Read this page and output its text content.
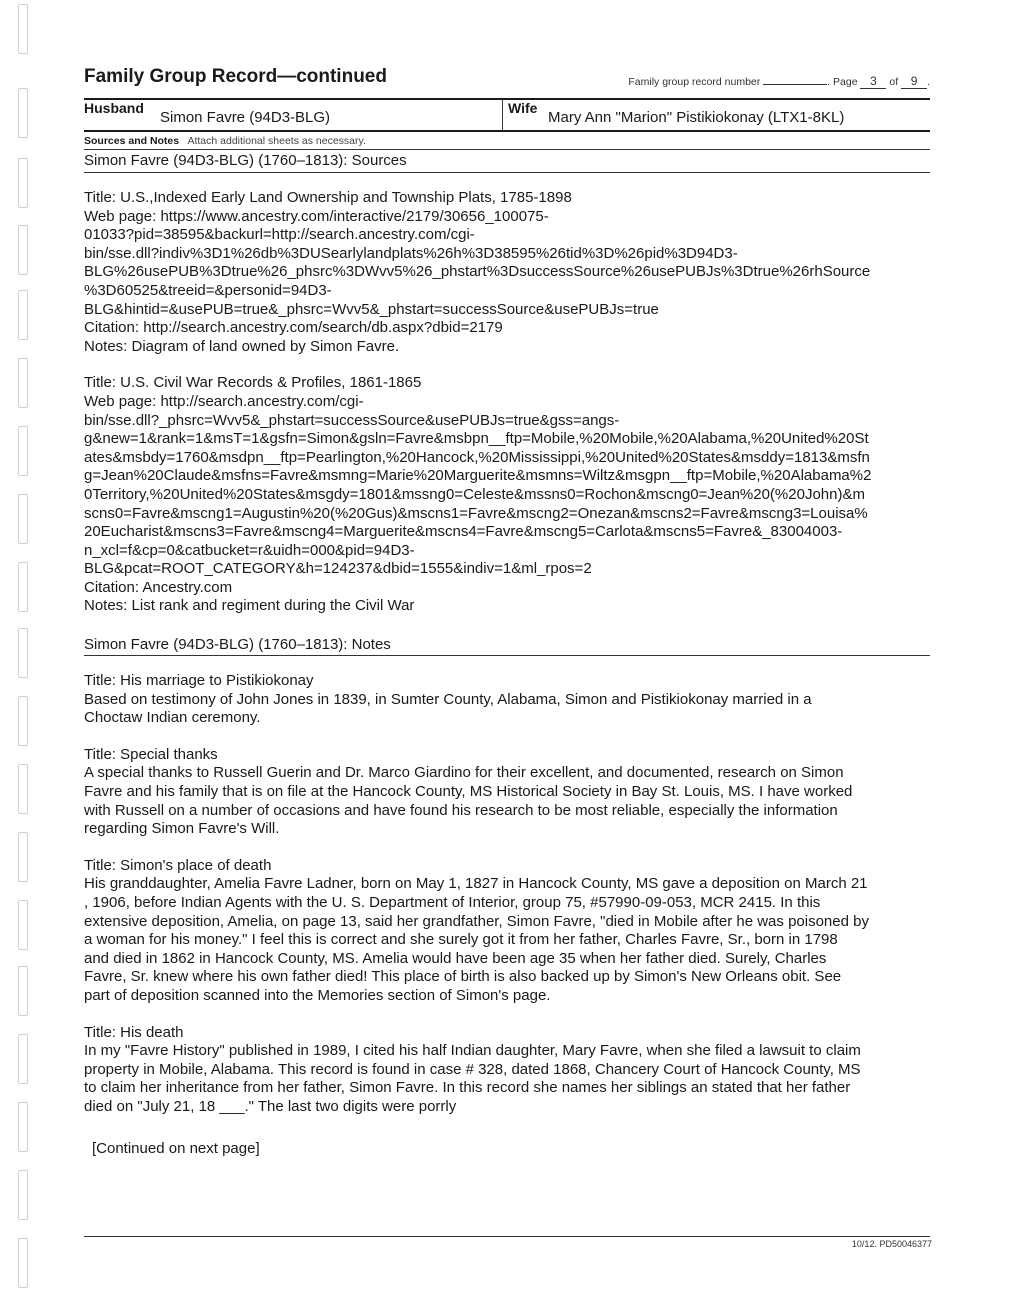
Family Group Record—continued	Family group record number	. Page 3 of 9 .
Husband
Simon Favre (94D3-BLG)
Wife
Mary Ann "Marion" Pistikiokonay (LTX1-8KL)
Sources and Notes Attach additional sheets as necessary.
Simon Favre (94D3-BLG) (1760–1813): Sources

Title: U.S.,Indexed Early Land Ownership and Township Plats, 1785-1898

Web page: https://www.ancestry.com/interactive/2179/30656_100075-

01033?pid=38595&backurl=http://search.ancestry.com/cgi-

bin/sse.dll?indiv%3D1%26db%3DUSearlylandplats%26h%3D38595%26tid%3D%26pid%3D94D3-

BLG%26usePUB%3Dtrue%26_phsrc%3DWvv5%26_phstart%3DsuccessSource%26usePUBJs%3Dtrue%26rhSource

%3D60525&treeid=&personid=94D3-

BLG&hintid=&usePUB=true&_phsrc=Wvv5&_phstart=successSource&usePUBJs=true

Citation: http://search.ancestry.com/search/db.aspx?dbid=2179

Notes: Diagram of land owned by Simon Favre.

Title: U.S. Civil War Records & Profiles, 1861-1865

Web page: http://search.ancestry.com/cgi-

bin/sse.dll?_phsrc=Wvv5&_phstart=successSource&usePUBJs=true&gss=angs-

g&new=1&rank=1&msT=1&gsfn=Simon&gsln=Favre&msbpn__ftp=Mobile,%20Mobile,%20Alabama,%20United%20St

ates&msbdy=1760&msdpn__ftp=Pearlington,%20Hancock,%20Mississippi,%20United%20States&msddy=1813&msfn

g=Jean%20Claude&msfns=Favre&msmng=Marie%20Marguerite&msmns=Wiltz&msgpn__ftp=Mobile,%20Alabama%2

0Territory,%20United%20States&msgdy=1801&mssng0=Celeste&mssns0=Rochon&mscng0=Jean%20(%20John)&m

scns0=Favre&mscng1=Augustin%20(%20Gus)&mscns1=Favre&mscng2=Onezan&mscns2=Favre&mscng3=Louisa%

20Eucharist&mscns3=Favre&mscng4=Marguerite&mscns4=Favre&mscng5=Carlota&mscns5=Favre&_83004003-

n_xcl=f&cp=0&catbucket=r&uidh=000&pid=94D3-

BLG&pcat=ROOT_CATEGORY&h=124237&dbid=1555&indiv=1&ml_rpos=2

Citation: Ancestry.com

Notes: List rank and regiment during the Civil War

Simon Favre (94D3-BLG) (1760–1813): Notes

Title: His marriage to Pistikiokonay

Based on testimony of John Jones in 1839, in Sumter County, Alabama, Simon and Pistikiokonay married in a

Choctaw Indian ceremony.

Title: Special thanks

A special thanks to Russell Guerin and Dr. Marco Giardino for their excellent, and documented, research on Simon

Favre and his family that is on file at the Hancock County, MS Historical Society in Bay St. Louis, MS. I have worked

with Russell on a number of occasions and have found his research to be most reliable, especially the information

regarding Simon Favre's Will.

Title: Simon's place of death

His granddaughter, Amelia Favre Ladner, born on May 1, 1827 in Hancock County, MS gave a deposition on March 21

, 1906, before Indian Agents with the U. S. Department of Interior, group 75, #57990-09-053, MCR 2415. In this

extensive deposition, Amelia, on page 13, said her grandfather, Simon Favre, "died in Mobile after he was poisoned by

a woman for his money." I feel this is correct and she surely got it from her father, Charles Favre, Sr., born in 1798

and died in 1862 in Hancock County, MS. Amelia would have been age 35 when her father died. Surely, Charles

Favre, Sr. knew where his own father died! This place of birth is also backed up by Simon's New Orleans obit. See

part of deposition scanned into the Memories section of Simon's page.

Title: His death

In my "Favre History" published in 1989, I cited his half Indian daughter, Mary Favre, when she filed a lawsuit to claim

property in Mobile, Alabama. This record is found in case # 328, dated 1868, Chancery Court of Hancock County, MS

to claim her inheritance from her father, Simon Favre. In this record she names her siblings an stated that her father

died on "July 21, 18 ___." The last two digits were porrly

[Continued on next page]

10/12. PD50046377
